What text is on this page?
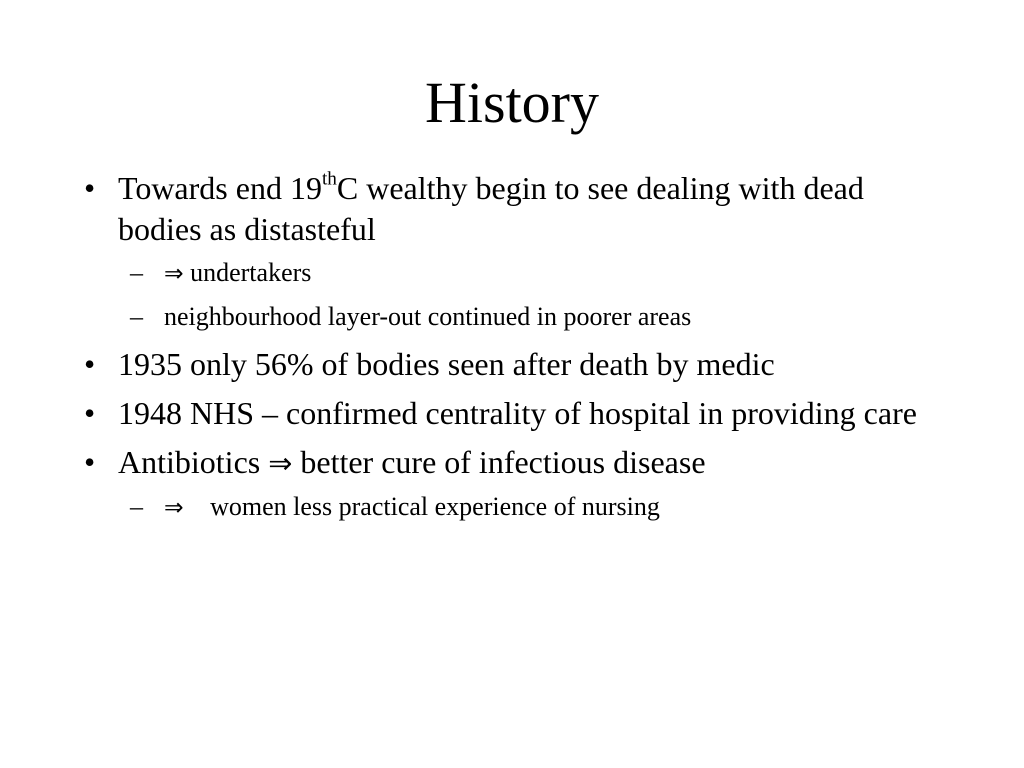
History
• Towards end 19thC wealthy begin to see dealing with dead bodies as distasteful
– ⇒ undertakers
– neighbourhood layer-out continued in poorer areas
• 1935 only 56% of bodies seen after death by medic
• 1948 NHS – confirmed centrality of hospital in providing care
• Antibiotics ⇒ better cure of infectious disease
– ⇒ women less practical experience of nursing
